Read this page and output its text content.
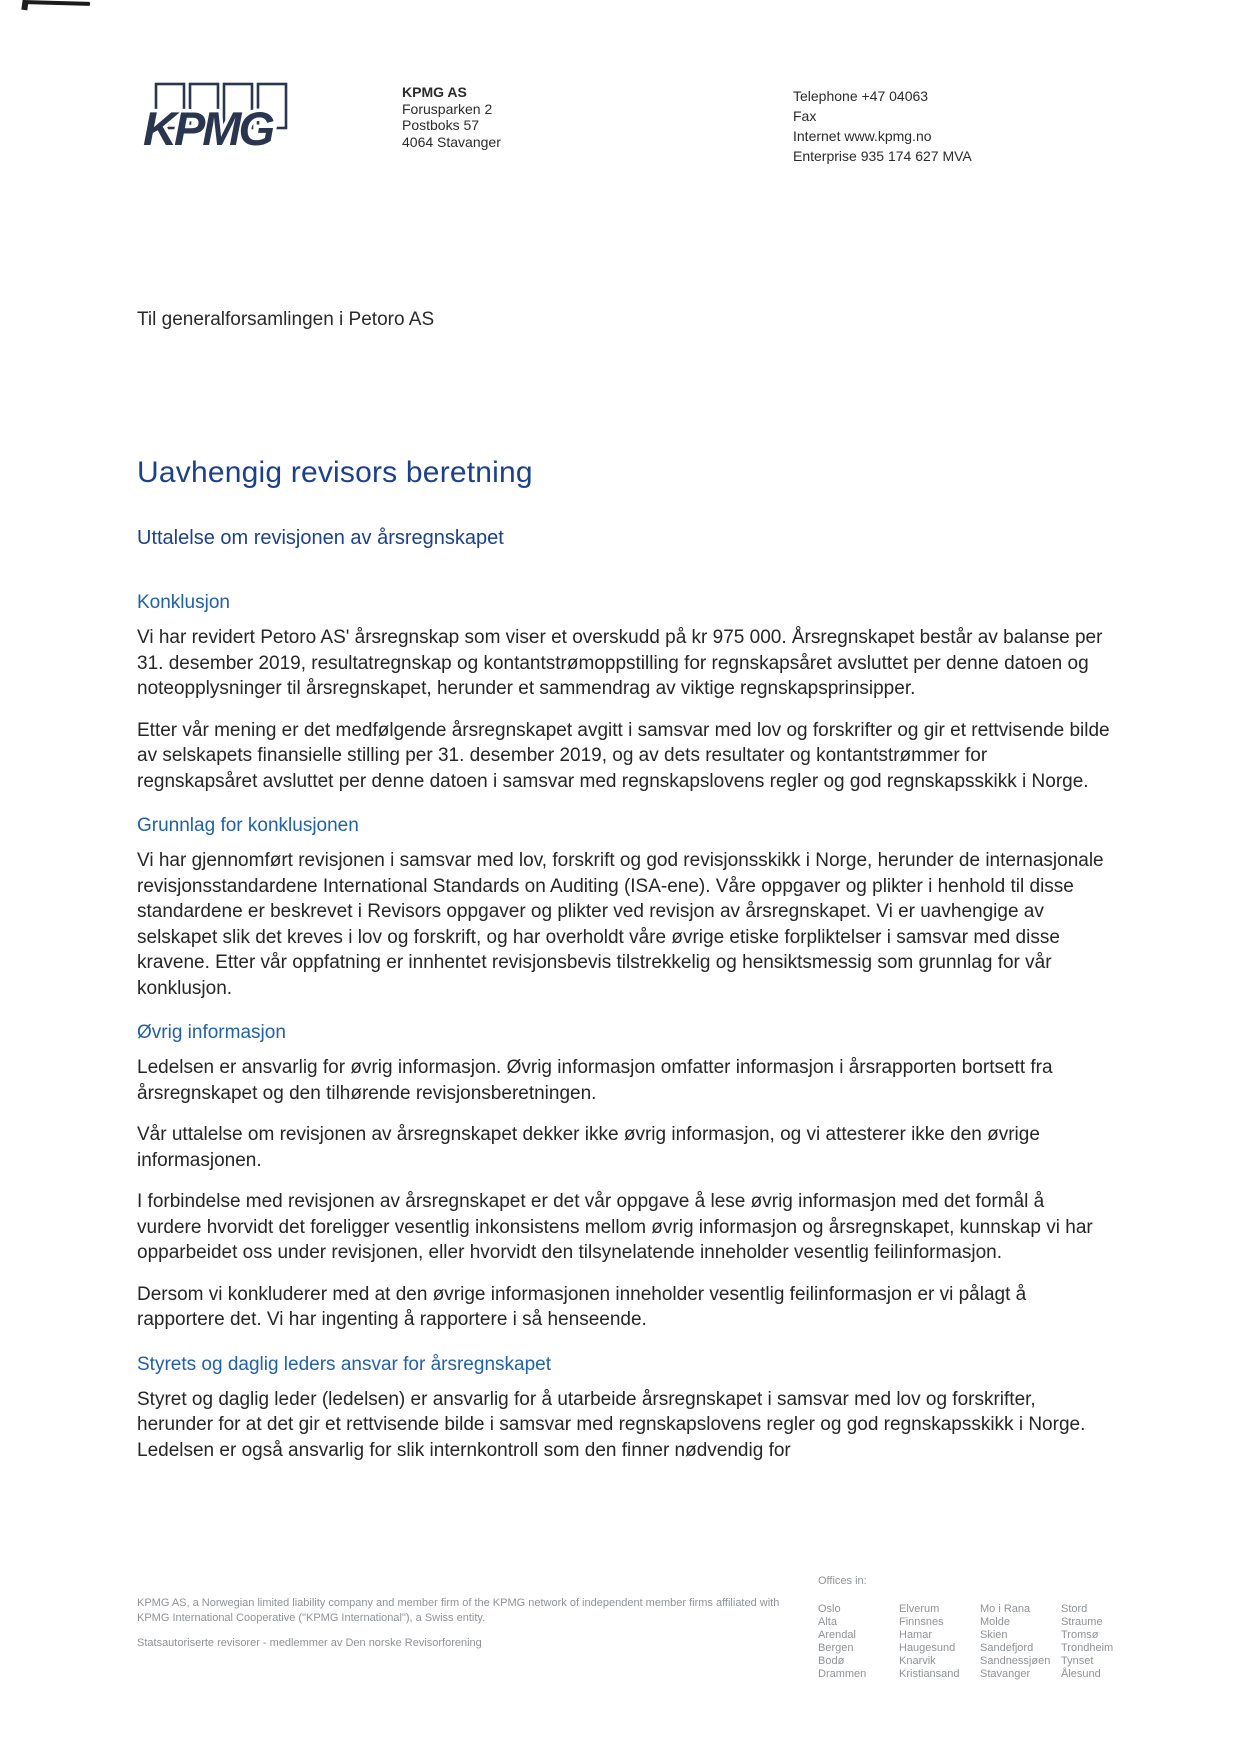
KPMG
KPMG AS
Forusparken 2
Postboks 57
4064 Stavanger
Telephone +47 04063
Fax
Internet www.kpmg.no
Enterprise 935 174 627 MVA
Til generalforsamlingen i Petoro AS
Uavhengig revisors beretning
Uttalelse om revisjonen av årsregnskapet
Konklusjon

Vi har revidert Petoro AS' årsregnskap som viser et overskudd på kr 975 000. Årsregnskapet består av balanse per 31. desember 2019, resultatregnskap og kontantstrømoppstilling for regnskapsåret avsluttet per denne datoen og noteopplysninger til årsregnskapet, herunder et sammendrag av viktige regnskapsprinsipper.

Etter vår mening er det medfølgende årsregnskapet avgitt i samsvar med lov og forskrifter og gir et rettvisende bilde av selskapets finansielle stilling per 31. desember 2019, og av dets resultater og kontantstrømmer for regnskapsåret avsluttet per denne datoen i samsvar med regnskapslovens regler og god regnskapsskikk i Norge.

Grunnlag for konklusjonen

Vi har gjennomført revisjonen i samsvar med lov, forskrift og god revisjonsskikk i Norge, herunder de internasjonale revisjonsstandardene International Standards on Auditing (ISA-ene). Våre oppgaver og plikter i henhold til disse standardene er beskrevet i Revisors oppgaver og plikter ved revisjon av årsregnskapet. Vi er uavhengige av selskapet slik det kreves i lov og forskrift, og har overholdt våre øvrige etiske forpliktelser i samsvar med disse kravene. Etter vår oppfatning er innhentet revisjonsbevis tilstrekkelig og hensiktsmessig som grunnlag for vår konklusjon.

Øvrig informasjon

Ledelsen er ansvarlig for øvrig informasjon. Øvrig informasjon omfatter informasjon i årsrapporten bortsett fra årsregnskapet og den tilhørende revisjonsberetningen.

Vår uttalelse om revisjonen av årsregnskapet dekker ikke øvrig informasjon, og vi attesterer ikke den øvrige informasjonen.

I forbindelse med revisjonen av årsregnskapet er det vår oppgave å lese øvrig informasjon med det formål å vurdere hvorvidt det foreligger vesentlig inkonsistens mellom øvrig informasjon og årsregnskapet, kunnskap vi har opparbeidet oss under revisjonen, eller hvorvidt den tilsynelatende inneholder vesentlig feilinformasjon.

Dersom vi konkluderer med at den øvrige informasjonen inneholder vesentlig feilinformasjon er vi pålagt å rapportere det. Vi har ingenting å rapportere i så henseende.

Styrets og daglig leders ansvar for årsregnskapet

Styret og daglig leder (ledelsen) er ansvarlig for å utarbeide årsregnskapet i samsvar med lov og forskrifter, herunder for at det gir et rettvisende bilde i samsvar med regnskapslovens regler og god regnskapsskikk i Norge. Ledelsen er også ansvarlig for slik internkontroll som den finner nødvendig for

KPMG AS, a Norwegian limited liability company and member firm of the KPMG network of independent member firms affiliated with KPMG International Cooperative ("KPMG International"), a Swiss entity.
Statsautoriserte revisorer - medlemmer av Den norske Revisorforening
Offices in:
Oslo
Alta
Arendal
Bergen
Bodø
Drammen
Elverum
Finnsnes
Hamar
Haugesund
Knarvik
Kristiansand
Mo i Rana
Molde
Skien
Sandefjord
Sandnessjøen
Stavanger
Stord
Straume
Tromsø
Trondheim
Tynset
Ålesund
